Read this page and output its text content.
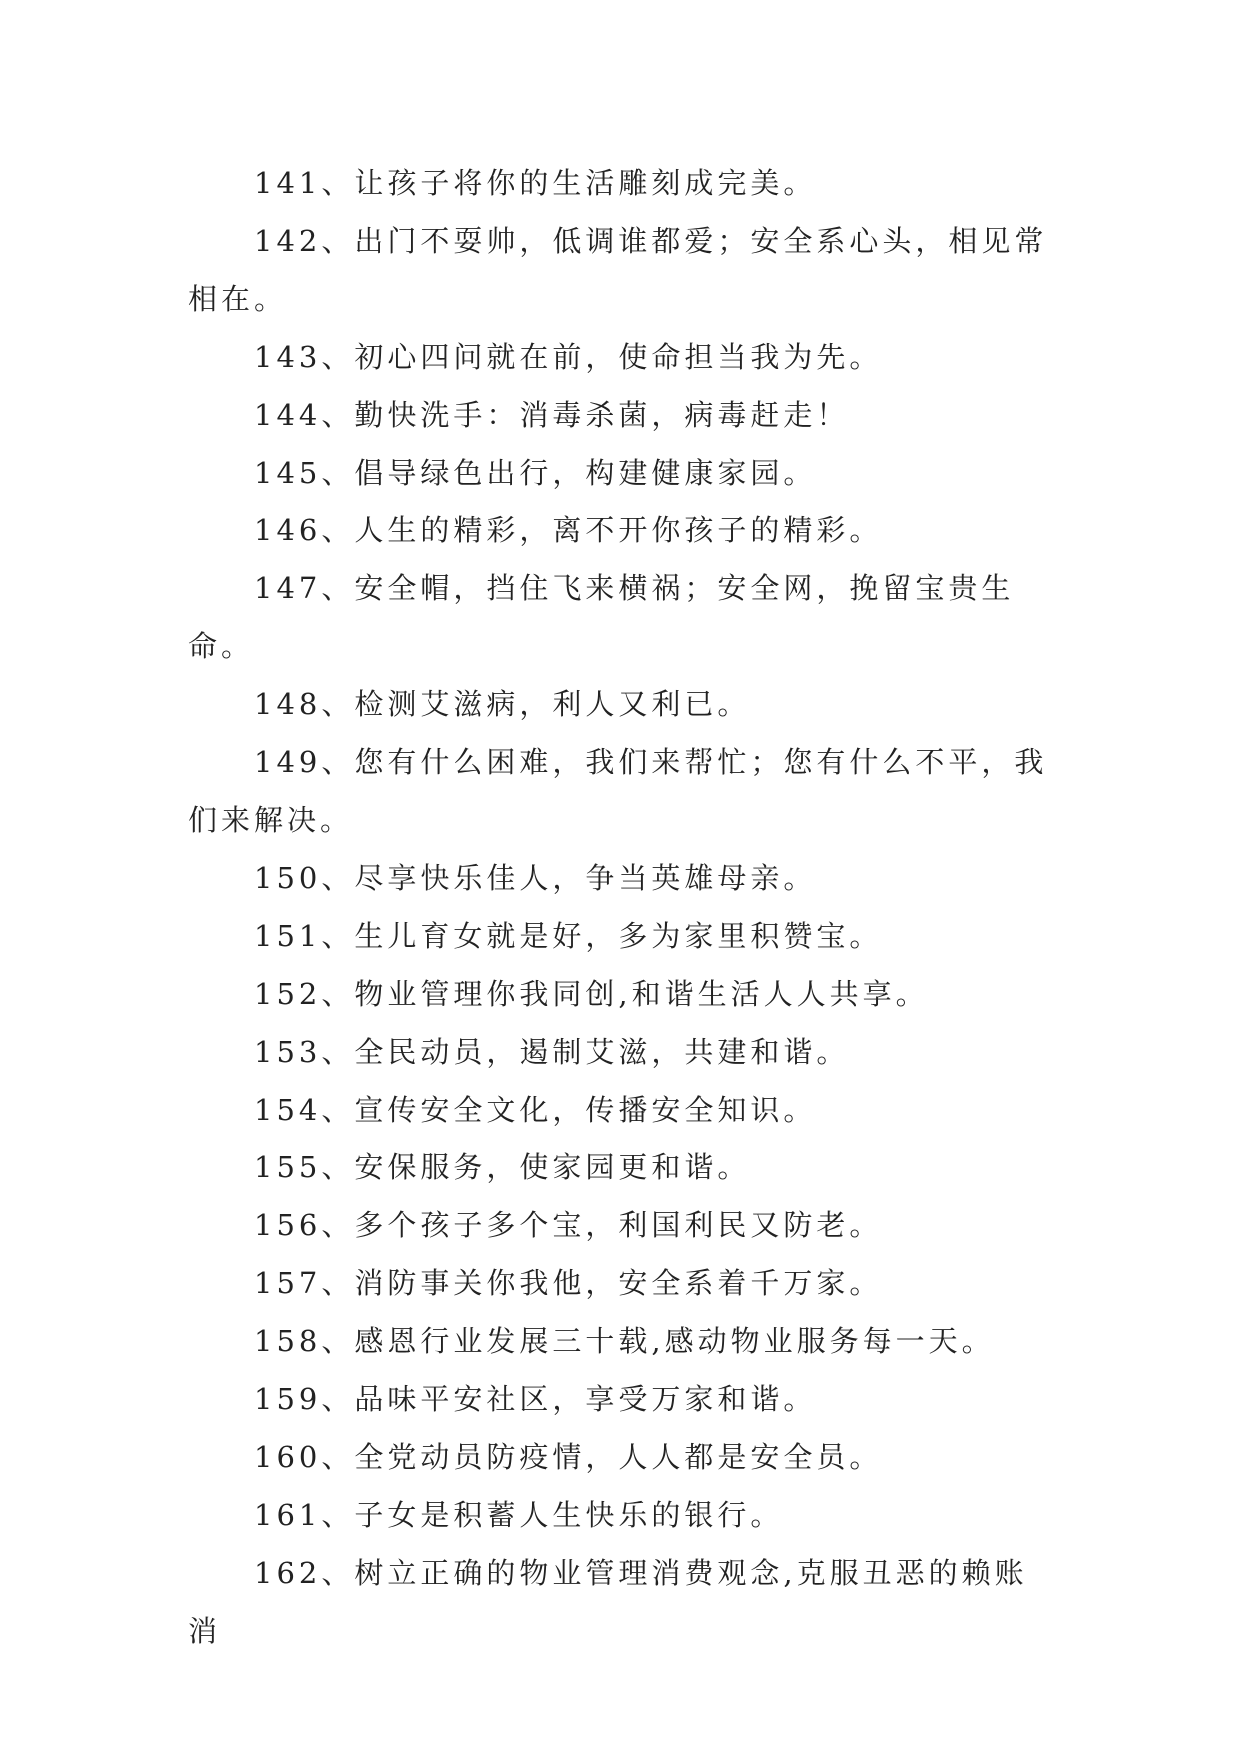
141、让孩子将你的生活雕刻成完美。

142、出门不耍帅，低调谁都爱；安全系心头，相见常相在。

143、初心四问就在前，使命担当我为先。

144、勤快洗手：消毒杀菌，病毒赶走！

145、倡导绿色出行，构建健康家园。

146、人生的精彩，离不开你孩子的精彩。

147、安全帽，挡住飞来横祸；安全网，挽留宝贵生命。

148、检测艾滋病，利人又利已。

149、您有什么困难，我们来帮忙；您有什么不平，我们来解决。

150、尽享快乐佳人，争当英雄母亲。

151、生儿育女就是好，多为家里积赞宝。

152、物业管理你我同创,和谐生活人人共享。

153、全民动员，遏制艾滋，共建和谐。

154、宣传安全文化，传播安全知识。

155、安保服务，使家园更和谐。

156、多个孩子多个宝，利国利民又防老。

157、消防事关你我他，安全系着千万家。

158、感恩行业发展三十载,感动物业服务每一天。

159、品味平安社区，享受万家和谐。

160、全党动员防疫情，人人都是安全员。

161、子女是积蓄人生快乐的银行。

162、树立正确的物业管理消费观念,克服丑恶的赖账消
